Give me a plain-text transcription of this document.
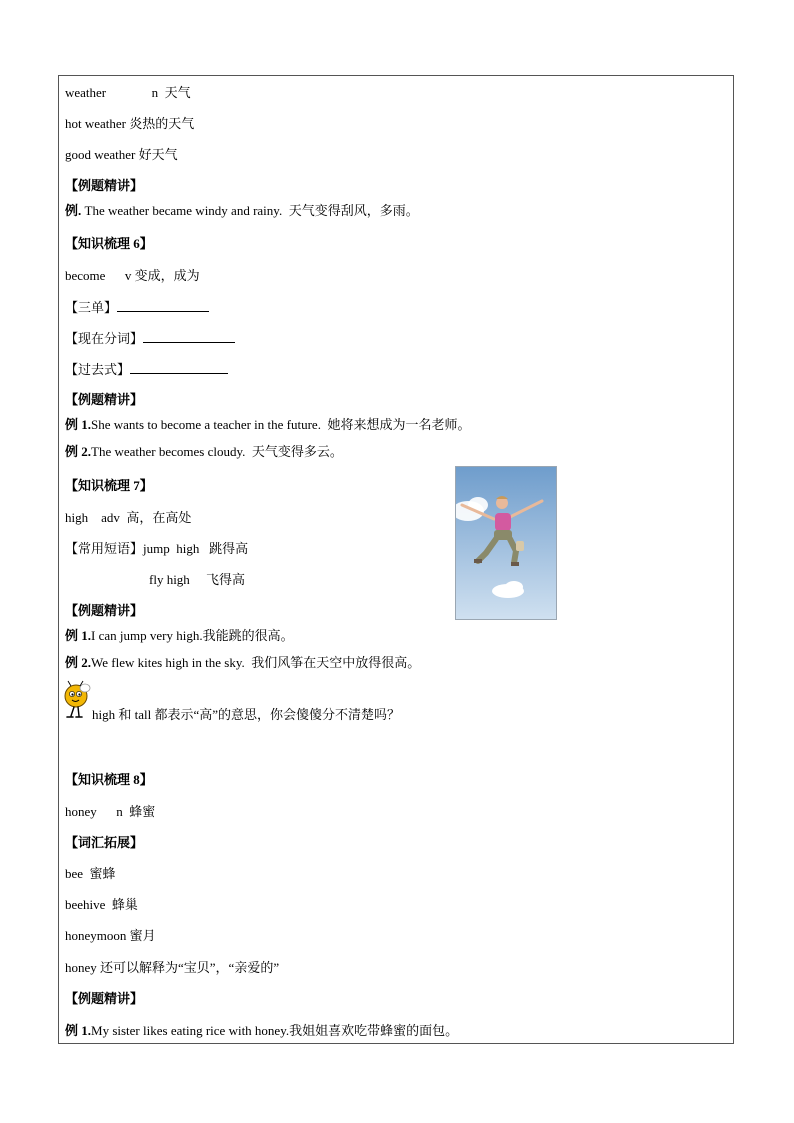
weather              n  天气
hot weather 炎热的天气
good weather 好天气
【例题精讲】
例. The weather became windy and rainy.  天气变得刮风，多雨。
【知识梳理 6】
become      v 变成，成为
【三单】
【现在分词】
【过去式】
【例题精讲】
例 1.She wants to become a teacher in the future.  她将来想成为一名老师。
例 2.The weather becomes cloudy.  天气变得多云。
【知识梳理 7】
high    adv  高，在高处
【常用短语】jump  high   跳得高
fly high     飞得高
【例题精讲】
例 1.I can jump very high.我能跳的很高。
例 2.We flew kites high in the sky.  我们风筝在天空中放得很高。
high 和 tall 都表示“高”的意思，你会傻傻分不清楚吗？
【知识梳理 8】
honey      n  蜂蜜
【词汇拓展】
bee  蜜蜂
beehive  蜂巢
honeymoon 蜜月
honey 还可以解释为“宝贝”，“亲爱的”
【例题精讲】
例 1.My sister likes eating rice with honey.我姐姐喜欢吃带蜂蜜的面包。
